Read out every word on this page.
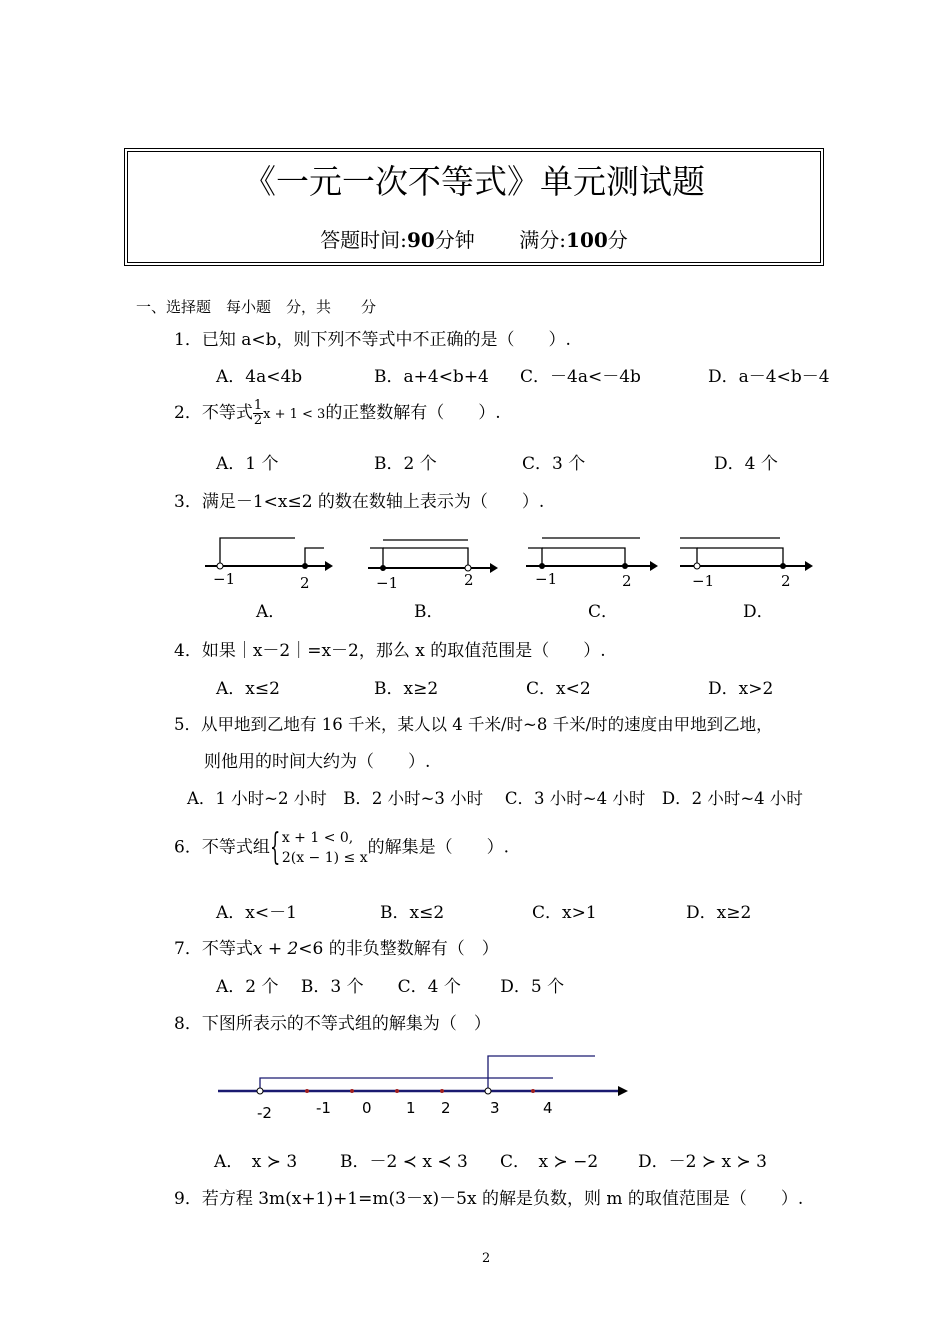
《一元一次不等式》单元测试题
答题时间:90分钟 满分:100分
一、选择题　每小题　分，共　　分
1．已知 a<b，则下列不等式中不正确的是（　　）.
A．4a<4b	B．a+4<b+4 C．－4a<－4b	D．a－4<b－4
2．不等式 $\frac{1}{2}$ x + 1 < 3的正整数解有（　　）.
A．1 个	B．2 个	C．3 个	D．4 个
3．满足－1<x≤2 的数在数轴上表示为（　　）.
−1	2	−1	2	−1	2	−1	2
A．	B．	C．	D．
4．如果｜x－2｜=x－2，那么 x 的取值范围是（　　）.
A．x≤2	B．x≥2	C．x<2	D．x>2
5．从甲地到乙地有 16 千米，某人以 4 千米/时~8 千米/时的速度由甲地到乙地，
则他用的时间大约为（　　）.
A．1 小时~2 小时　B．2 小时~3 小时　 C．3 小时~4 小时　D．2 小时~4 小时
6．不等式组 { x + 1 < 0,
2(x − 1) ≤ x
的解集是（　　）.
A．x<－1	B．x≤2	C．x>1	D．x≥2
7．不等式x + 2<6 的非负整数解有（　）
A．2 个　 B．3 个　　C．4 个　　 D．5 个
8．下图所表示的不等式组的解集为（　）
-2	-1 0 1 2	3	4
A．　x ≻ 3	B．－2 ≺ x ≺ 3 C．　x ≻ −2 D．－2 ≻ x ≻ 3
9．若方程 3m(x+1)+1=m(3－x)－5x 的解是负数，则 m 的取值范围是（　　）.
2
